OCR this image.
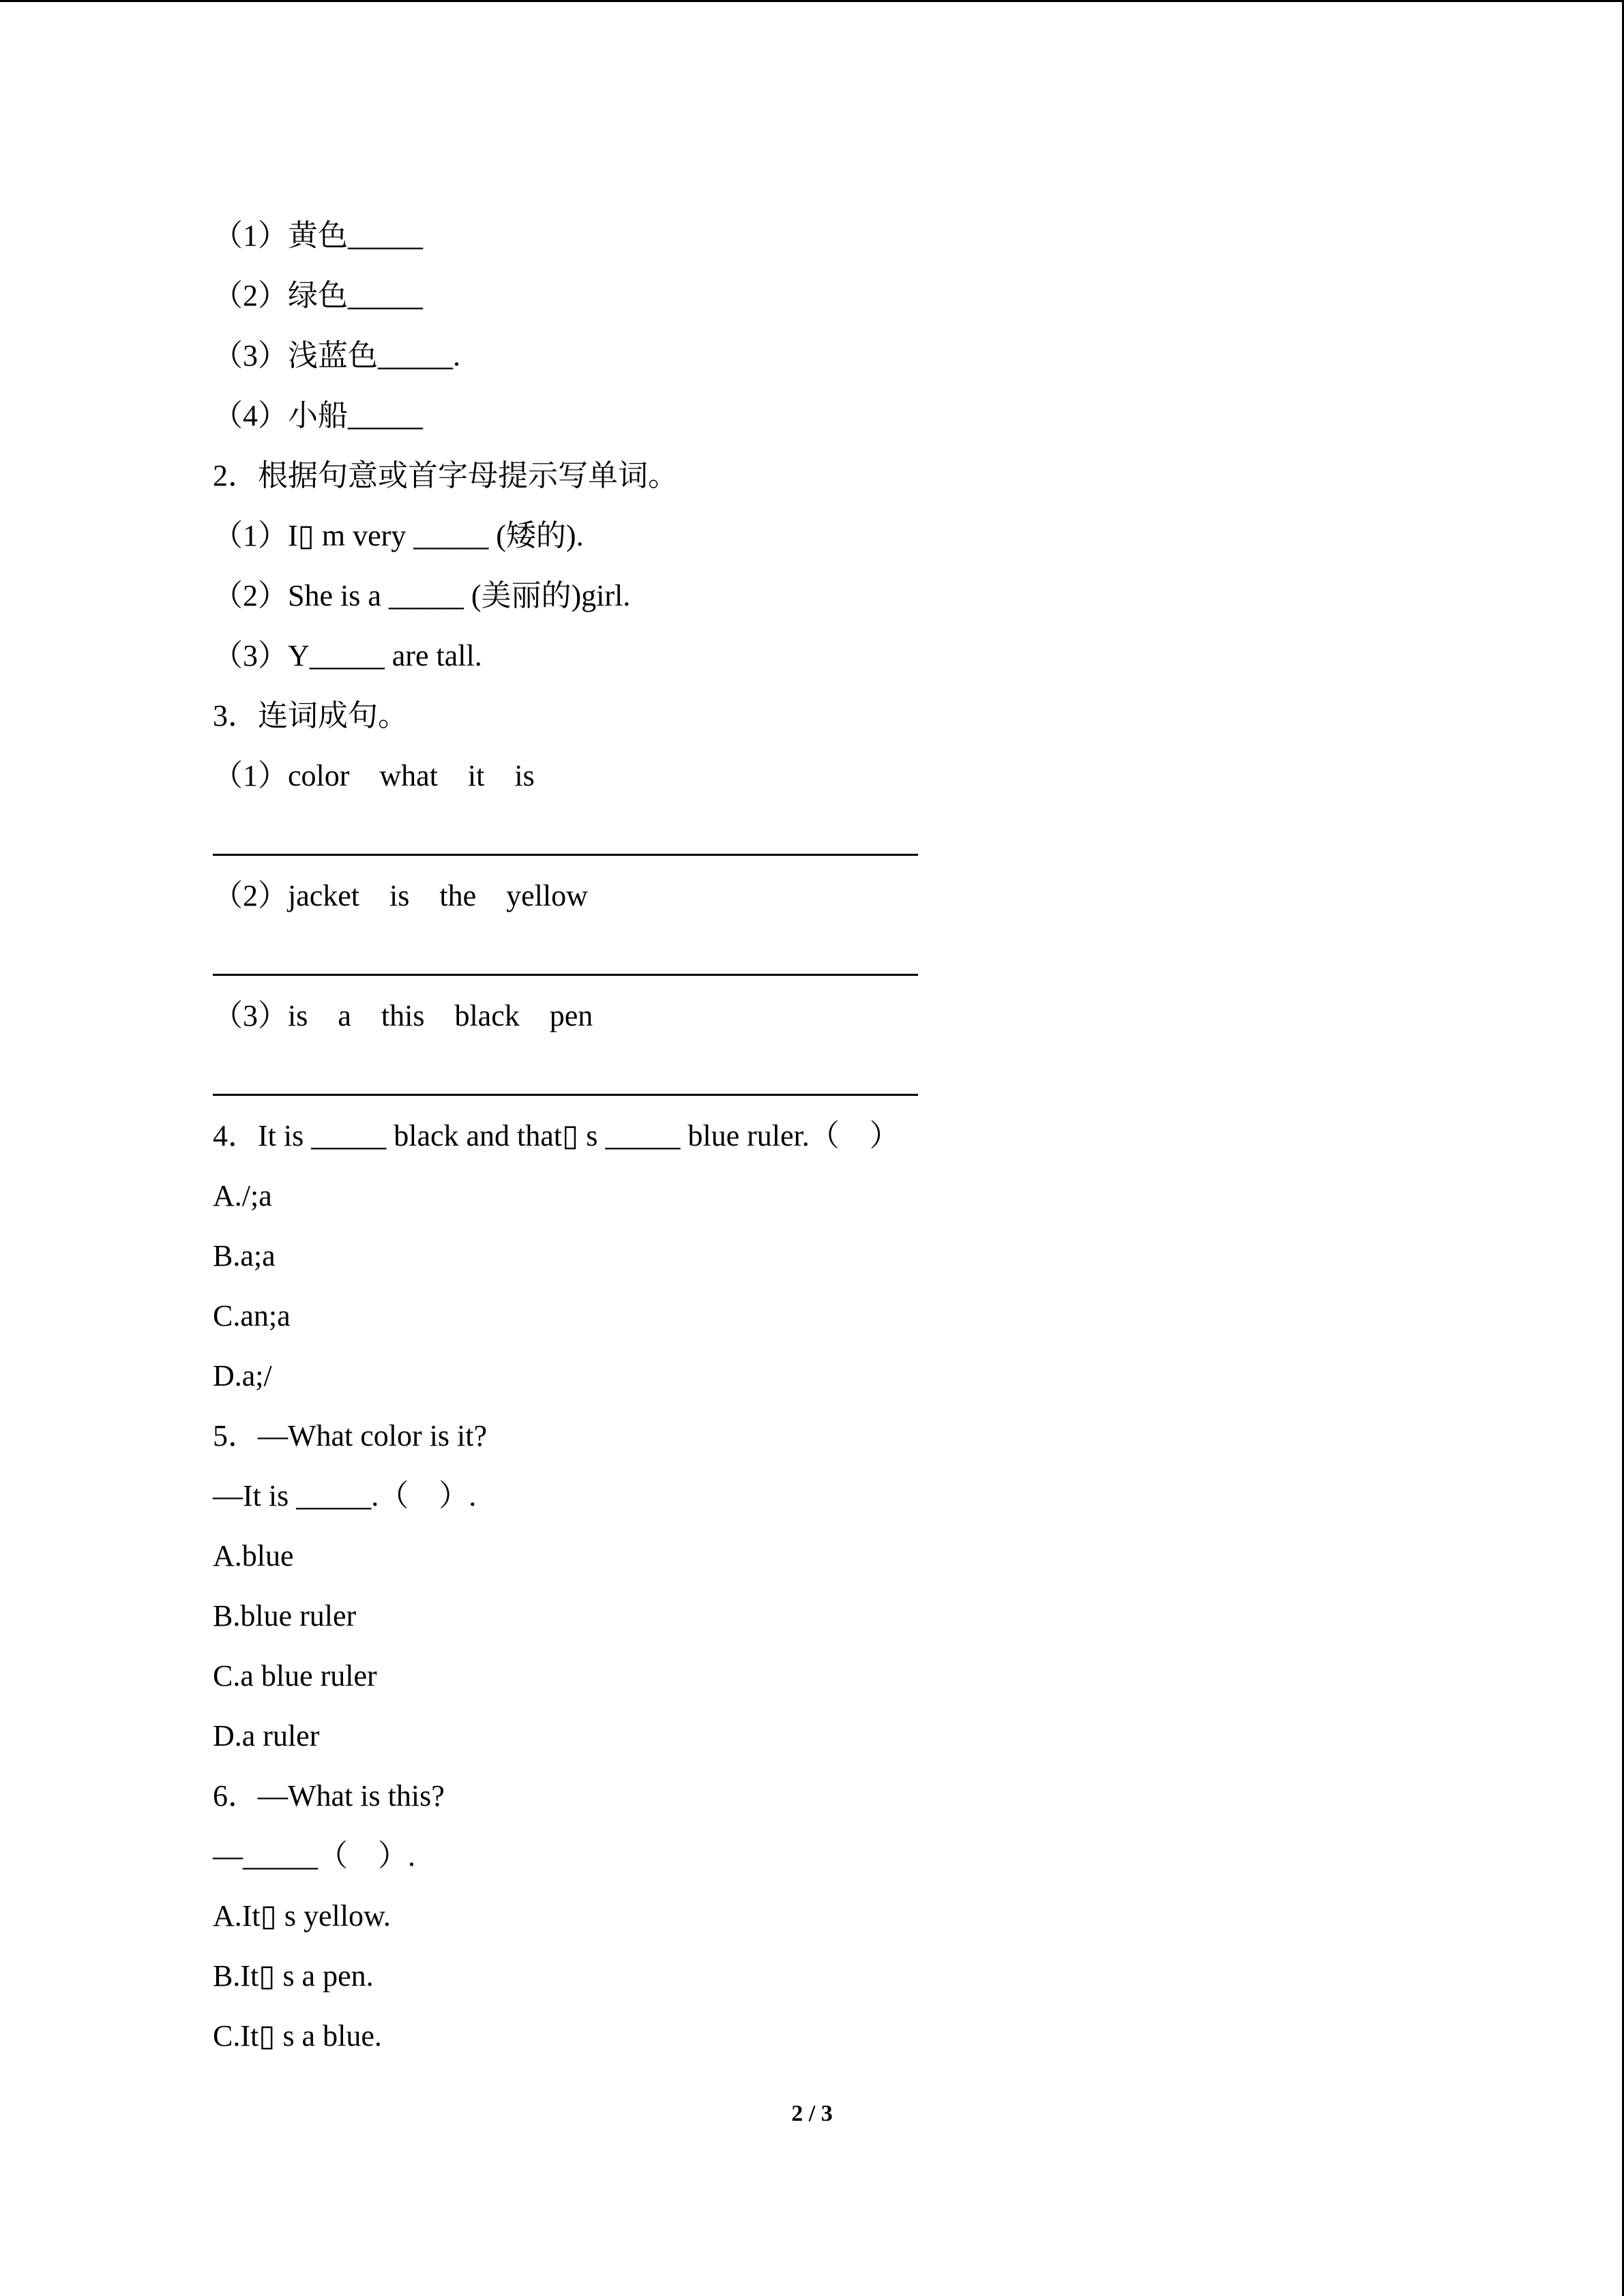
（1）黄色_____
（2）绿色_____
（3）浅蓝色_____.
（4）小船_____
2．根据句意或首字母提示写单词。
（1）I▯ m very _____ (矮的).
（2）She is a _____ (美丽的)girl.
（3）Y_____ are tall.
3．连词成句。
（1）color    what    it    is
（2）jacket    is    the    yellow
（3）is    a    this    black    pen
4．It is _____ black and that▯ s _____ blue ruler.（    ）
A./;a
B.a;a
C.an;a
D.a;/
5．—What color is it?
—It is _____.（    ）.
A.blue
B.blue ruler
C.a blue ruler
D.a ruler
6．—What is this?
—_____（    ）.
A.It▯ s yellow.
B.It▯ s a pen.
C.It▯ s a blue.
2 / 3
